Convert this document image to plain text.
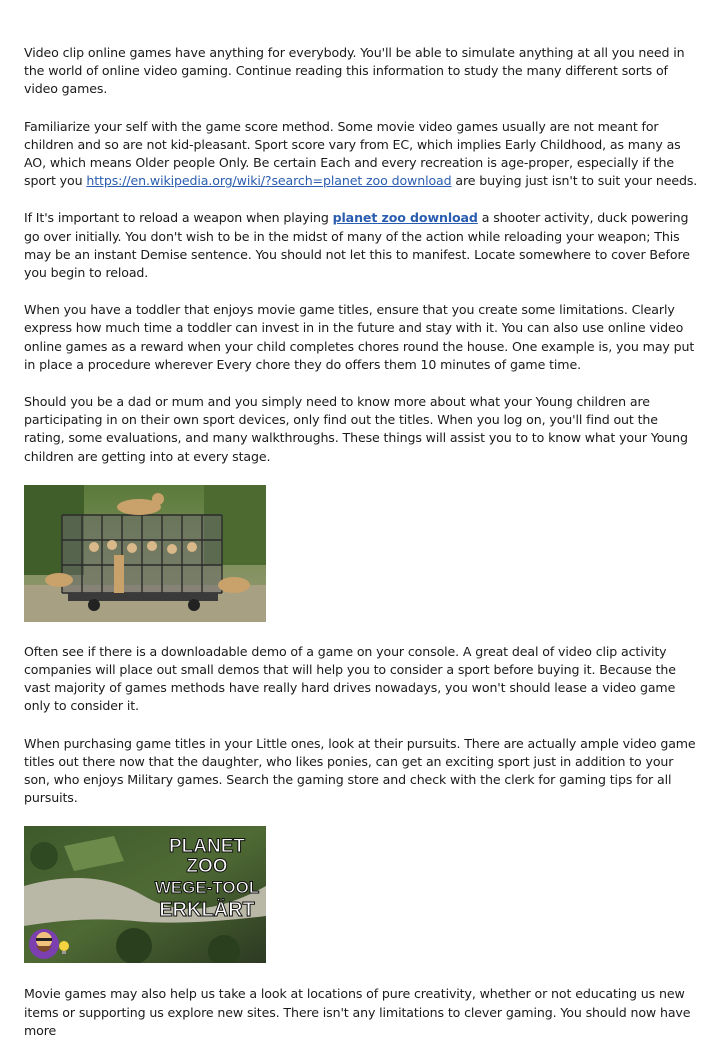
Video clip online games have anything for everybody. You'll be able to simulate anything at all you need in the world of online video gaming. Continue reading this information to study the many different sorts of video games.

Familiarize your self with the game score method. Some movie video games usually are not meant for children and so are not kid-pleasant. Sport score vary from EC, which implies Early Childhood, as many as AO, which means Older people Only. Be certain Each and every recreation is age-proper, especially if the sport you https://en.wikipedia.org/wiki/?search=planet zoo download are buying just isn't to suit your needs.

If It's important to reload a weapon when playing planet zoo download a shooter activity, duck powering go over initially. You don't wish to be in the midst of many of the action while reloading your weapon; This may be an instant Demise sentence. You should not let this to manifest. Locate somewhere to cover Before you begin to reload.

When you have a toddler that enjoys movie game titles, ensure that you create some limitations. Clearly express how much time a toddler can invest in in the future and stay with it. You can also use online video online games as a reward when your child completes chores round the house. One example is, you may put in place a procedure wherever Every chore they do offers them 10 minutes of game time.

Should you be a dad or mum and you simply need to know more about what your Young children are participating in on their own sport devices, only find out the titles. When you log on, you'll find out the rating, some evaluations, and many walkthroughs. These things will assist you to to know what your Young children are getting into at every stage.

Often see if there is a downloadable demo of a game on your console. A great deal of video clip activity companies will place out small demos that will help you to consider a sport before buying it. Because the vast majority of games methods have really hard drives nowadays, you won't should lease a video game only to consider it.

When purchasing game titles in your Little ones, look at their pursuits. There are actually ample video game titles out there now that the daughter, who likes ponies, can get an exciting sport just in addition to your son, who enjoys Military games. Search the gaming store and check with the clerk for gaming tips for all pursuits.

PLANET
ZOO
WEGE-TOOL
ERKLÄRT

Movie games may also help us take a look at locations of pure creativity, whether or not educating us new items or supporting us explore new sites. There isn't any limitations to clever gaming. You should now have more
